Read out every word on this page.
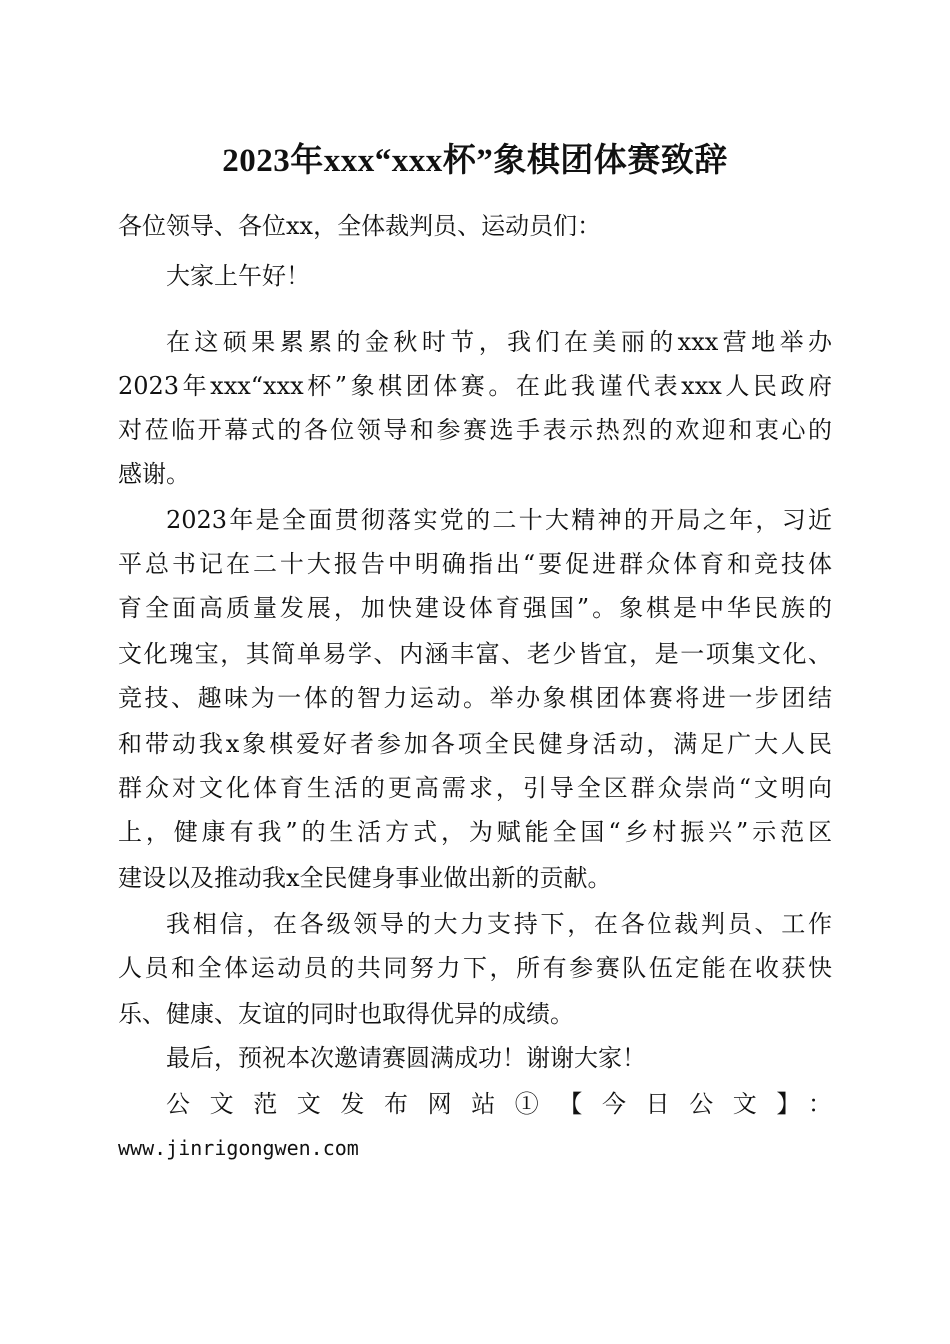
2023年xxx“xxx杯”象棋团体赛致辞
各位领导、各位xx，全体裁判员、运动员们：
大家上午好！
在这硕果累累的金秋时节，我们在美丽的xxx营地举办
2023年xxx“xxx杯”象棋团体赛。在此我谨代表xxx人民政府
对莅临开幕式的各位领导和参赛选手表示热烈的欢迎和衷心的
感谢。
2023年是全面贯彻落实党的二十大精神的开局之年，习近
平总书记在二十大报告中明确指出“要促进群众体育和竞技体
育全面高质量发展，加快建设体育强国”。象棋是中华民族的
文化瑰宝，其简单易学、内涵丰富、老少皆宜，是一项集文化、
竞技、趣味为一体的智力运动。举办象棋团体赛将进一步团结
和带动我x象棋爱好者参加各项全民健身活动，满足广大人民
群众对文化体育生活的更高需求，引导全区群众崇尚“文明向
上，健康有我”的生活方式，为赋能全国“乡村振兴”示范区
建设以及推动我x全民健身事业做出新的贡献。
我相信，在各级领导的大力支持下，在各位裁判员、工作
人员和全体运动员的共同努力下，所有参赛队伍定能在收获快
乐、健康、友谊的同时也取得优异的成绩。
最后，预祝本次邀请赛圆满成功！谢谢大家！
公文范文发布网站①【今日公文】：
www.jinrigongwen.com
